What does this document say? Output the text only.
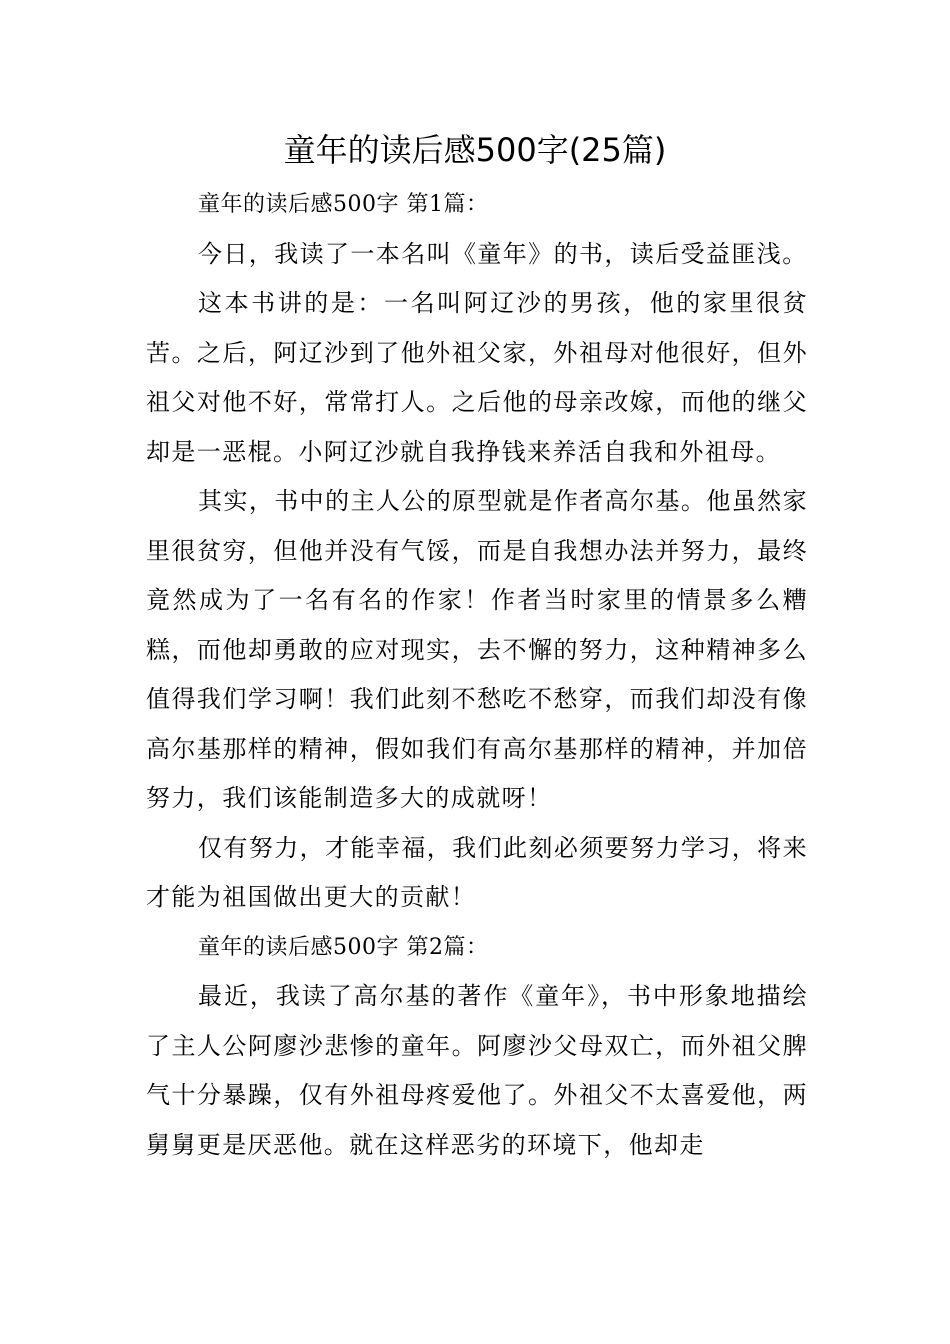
童年的读后感500字(25篇)

童年的读后感500字 第1篇：

今日，我读了一本名叫《童年》的书，读后受益匪浅。

这本书讲的是：一名叫阿辽沙的男孩，他的家里很贫苦。之后，阿辽沙到了他外祖父家，外祖母对他很好，但外祖父对他不好，常常打人。之后他的母亲改嫁，而他的继父却是一恶棍。小阿辽沙就自我挣钱来养活自我和外祖母。

其实，书中的主人公的原型就是作者高尔基。他虽然家里很贫穷，但他并没有气馁，而是自我想办法并努力，最终竟然成为了一名有名的作家！作者当时家里的情景多么糟糕，而他却勇敢的应对现实，去不懈的努力，这种精神多么值得我们学习啊！我们此刻不愁吃不愁穿，而我们却没有像高尔基那样的精神，假如我们有高尔基那样的精神，并加倍努力，我们该能制造多大的成就呀！

仅有努力，才能幸福，我们此刻必须要努力学习，将来才能为祖国做出更大的贡献！

童年的读后感500字 第2篇：

最近，我读了高尔基的著作《童年》，书中形象地描绘了主人公阿廖沙悲惨的童年。阿廖沙父母双亡，而外祖父脾气十分暴躁，仅有外祖母疼爱他了。外祖父不太喜爱他，两舅舅更是厌恶他。就在这样恶劣的环境下，他却走
